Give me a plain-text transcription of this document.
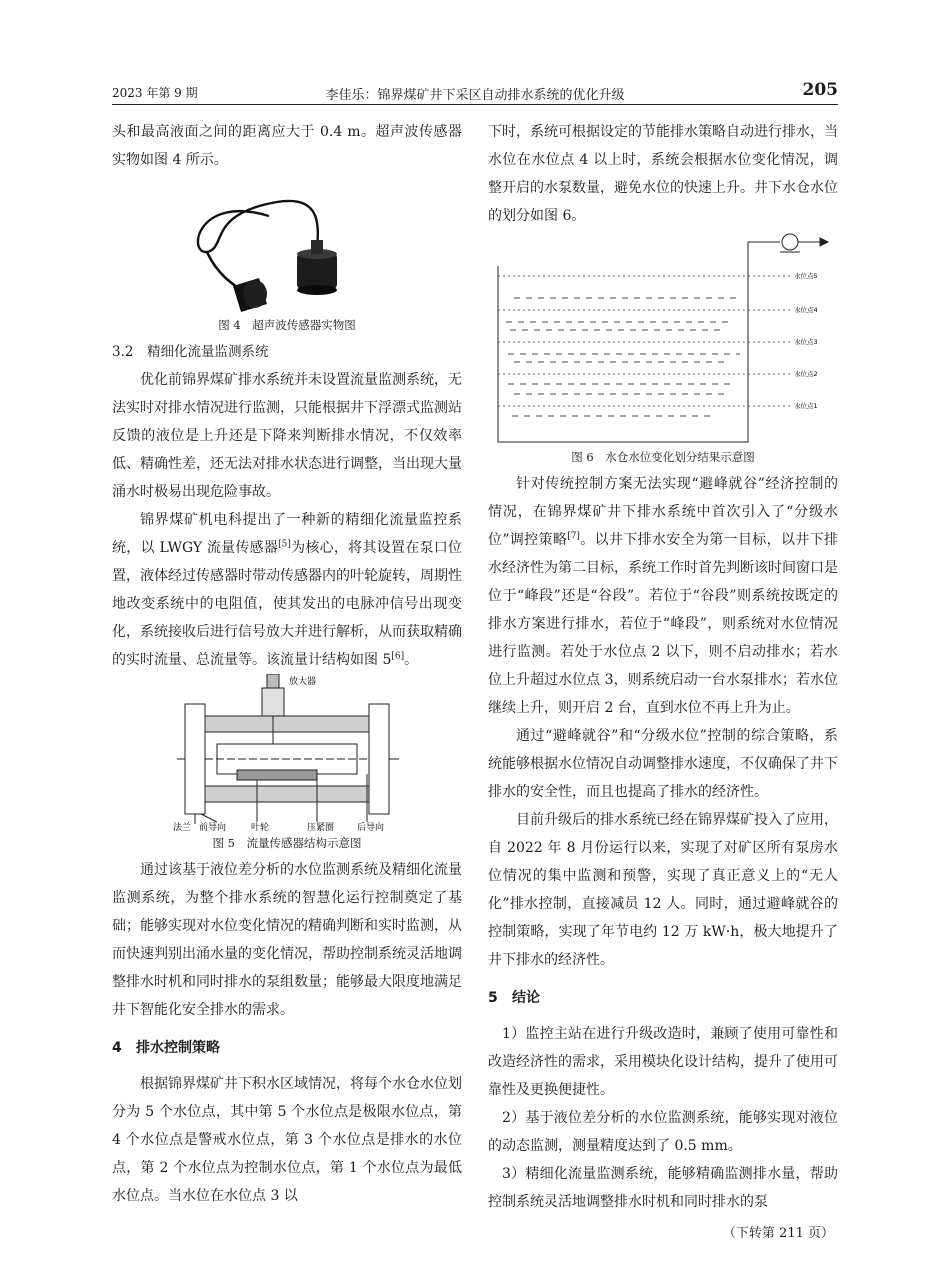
2023 年第 9 期	李佳乐：锦界煤矿井下采区自动排水系统的优化升级	205

头和最高液面之间的距离应大于 0.4 m。超声波传感器实物如图 4 所示。

图 4　超声波传感器实物图

3.2　精细化流量监测系统

优化前锦界煤矿排水系统并未设置流量监测系统，无法实时对排水情况进行监测，只能根据井下浮漂式监测站反馈的液位是上升还是下降来判断排水情况，不仅效率低、精确性差，还无法对排水状态进行调整，当出现大量涌水时极易出现危险事故。

锦界煤矿机电科提出了一种新的精细化流量监控系统，以 LWGY 流量传感器[5]为核心，将其设置在泵口位置，液体经过传感器时带动传感器内的叶轮旋转，周期性地改变系统中的电阻值，使其发出的电脉冲信号出现变化，系统接收后进行信号放大并进行解析，从而获取精确的实时流量、总流量等。该流量计结构如图 5[6]。

放大器
法兰 前导向	叶轮	压紧圈	后导向
图 5　流量传感器结构示意图

通过该基于液位差分析的水位监测系统及精细化流量监测系统，为整个排水系统的智慧化运行控制奠定了基础；能够实现对水位变化情况的精确判断和实时监测，从而快速判别出涌水量的变化情况，帮助控制系统灵活地调整排水时机和同时排水的泵组数量；能够最大限度地满足井下智能化安全排水的需求。

4 排水控制策略

根据锦界煤矿井下积水区域情况，将每个水仓水位划分为 5 个水位点，其中第 5 个水位点是极限水位点，第 4 个水位点是警戒水位点，第 3 个水位点是排水的水位点，第 2 个水位点为控制水位点，第 1 个水位点为最低水位点。当水位在水位点 3 以

下时，系统可根据设定的节能排水策略自动进行排水，当水位在水位点 4 以上时，系统会根据水位变化情况，调整开启的水泵数量，避免水位的快速上升。井下水仓水位的划分如图 6。

水位点5
水位点4
水位点3
水位点2
水位点1
图 6　水仓水位变化划分结果示意图

针对传统控制方案无法实现“避峰就谷”经济控制的情况，在锦界煤矿井下排水系统中首次引入了“分级水位”调控策略[7]。以井下排水安全为第一目标，以井下排水经济性为第二目标，系统工作时首先判断该时间窗口是位于“峰段”还是“谷段”。若位于“谷段”则系统按既定的排水方案进行排水，若位于“峰段”，则系统对水位情况进行监测。若处于水位点 2 以下，则不启动排水；若水位上升超过水位点 3，则系统启动一台水泵排水；若水位继续上升，则开启 2 台，直到水位不再上升为止。

通过“避峰就谷”和“分级水位”控制的综合策略，系统能够根据水位情况自动调整排水速度，不仅确保了井下排水的安全性，而且也提高了排水的经济性。

目前升级后的排水系统已经在锦界煤矿投入了应用，自 2022 年 8 月份运行以来，实现了对矿区所有泵房水位情况的集中监测和预警，实现了真正意义上的“无人化”排水控制，直接减员 12 人。同时，通过避峰就谷的控制策略，实现了年节电约 12 万 kW·h，极大地提升了井下排水的经济性。

5 结论

1）监控主站在进行升级改造时，兼顾了使用可靠性和改造经济性的需求，采用模块化设计结构，提升了使用可靠性及更换便捷性。

2）基于液位差分析的水位监测系统，能够实现对液位的动态监测，测量精度达到了 0.5 mm。

3）精细化流量监测系统，能够精确监测排水量，帮助控制系统灵活地调整排水时机和同时排水的泵

（下转第 211 页）
